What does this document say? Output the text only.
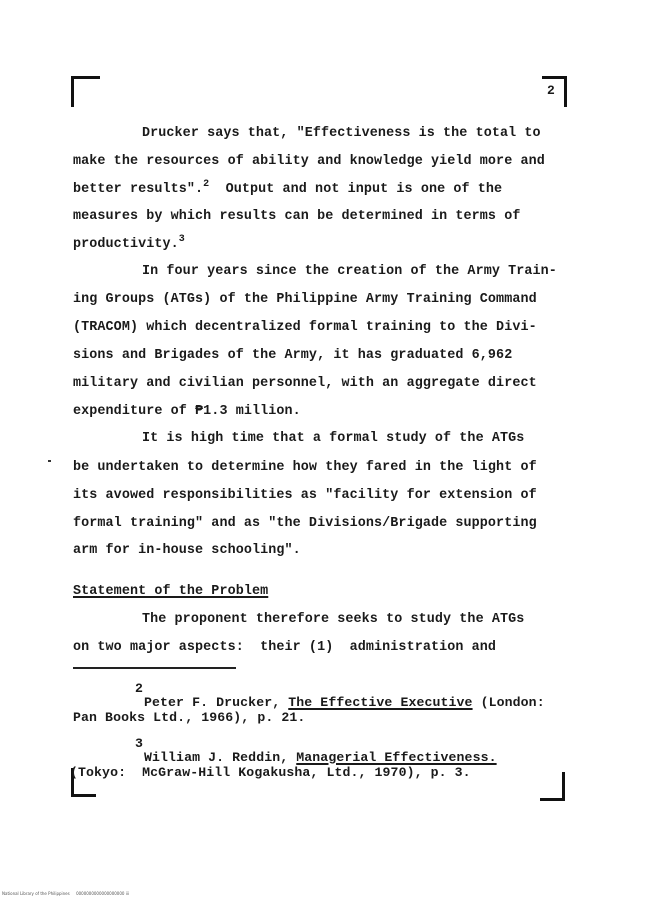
2
Drucker says that, "Effectiveness is the total to
make the resources of ability and knowledge yield more and
better results".$^2$ Output and not input is one of the
measures by which results can be determined in terms of
productivity.$^3$
In four years since the creation of the Army Train-
ing Groups (ATGs) of the Philippine Army Training Command
(TRACOM) which decentralized formal training to the Divi-
sions and Brigades of the Army, it has graduated 6,962
military and civilian personnel, with an aggregate direct
expenditure of ₱1.3 million.
It is high time that a formal study of the ATGs
be undertaken to determine how they fared in the light of
its avowed responsibilities as "facility for extension of
formal training" and as "the Divisions/Brigade supporting
arm for in-house schooling".
Statement of the Problem
The proponent therefore seeks to study the ATGs
on two major aspects:  their (1)  administration and
2
Peter F. Drucker, The Effective Executive (London:
Pan Books Ltd., 1966), p. 21.
3
William J. Reddin, Managerial Effectiveness.
(Tokyo:  McGraw-Hill Kogakusha, Ltd., 1970), p. 3.
National Library of the Philippines     0000000000000000000 iii
